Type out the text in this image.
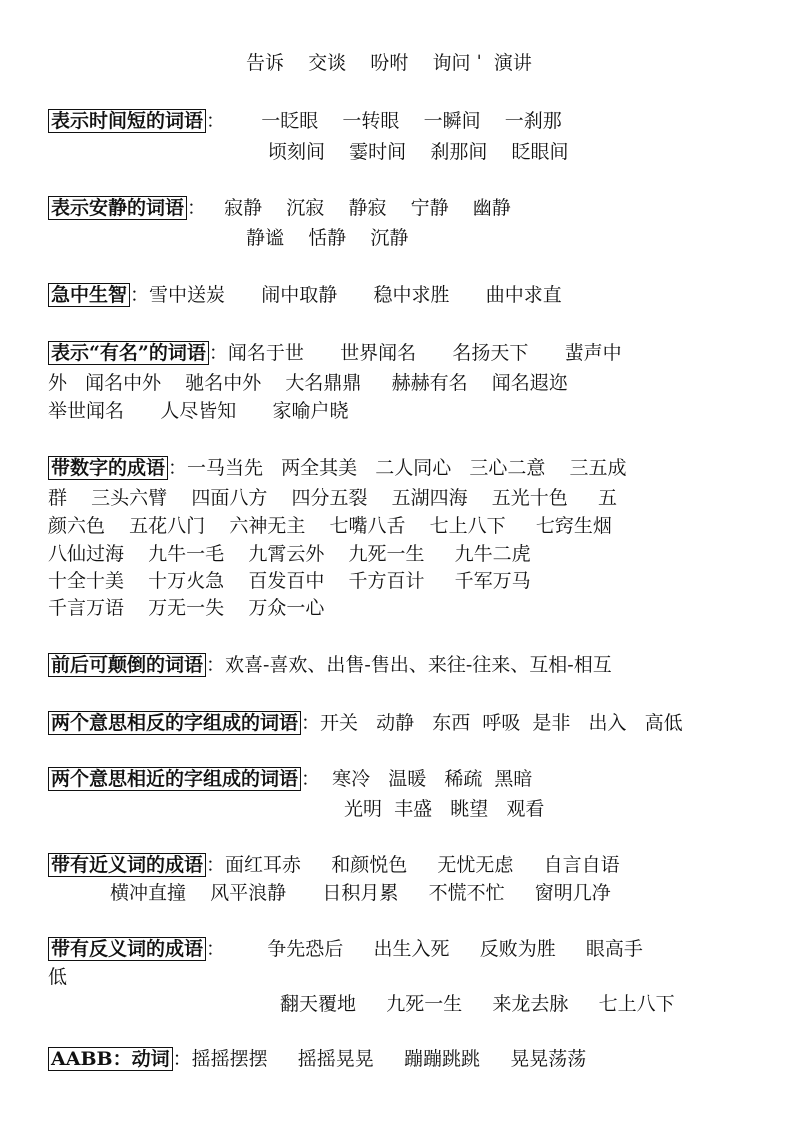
告诉    交谈    吩咐    询问 ˈ  演讲
表示时间短的词语 ：      一眨眼    一转眼    一瞬间    一刹那
顷刻间    霎时间    刹那间    眨眼间
表示安静的词语 ：   寂静    沉寂    静寂    宁静    幽静
静谧    恬静    沉静
急中生智 ：雪中送炭      闹中取静      稳中求胜      曲中求直
表示“有名”的词语 ：闻名于世      世界闻名      名扬天下      蜚声中
外   闻名中外    驰名中外    大名鼎鼎     赫赫有名    闻名遐迩
举世闻名      人尽皆知      家喻户晓
带数字的成语 ：一马当先   两全其美   二人同心   三心二意    三五成
群    三头六臂    四面八方    四分五裂    五湖四海    五光十色     五
颜六色    五花八门    六神无主    七嘴八舌    七上八下     七窍生烟
八仙过海    九牛一毛    九霄云外    九死一生     九牛二虎
十全十美    十万火急    百发百中    千方百计     千军万马
千言万语    万无一失    万众一心
前后可颠倒的词语 ：欢喜-喜欢、出售-售出、来往-往来、互相-相互
两个意思相反的字组成的词语 ：开关   动静   东西  呼吸  是非   出入   高低
两个意思相近的字组成的词语 ：  寒冷   温暖   稀疏  黑暗
光明  丰盛   眺望   观看
带有近义词的成语 ：面红耳赤     和颜悦色     无忧无虑     自言自语
横冲直撞    风平浪静      日积月累     不慌不忙     窗明几净
带有反义词的成语 ：       争先恐后     出生入死     反败为胜     眼高手
低
翻天覆地     九死一生     来龙去脉     七上八下
AABB：动词 ：摇摇摆摆     摇摇晃晃     蹦蹦跳跳     晃晃荡荡
